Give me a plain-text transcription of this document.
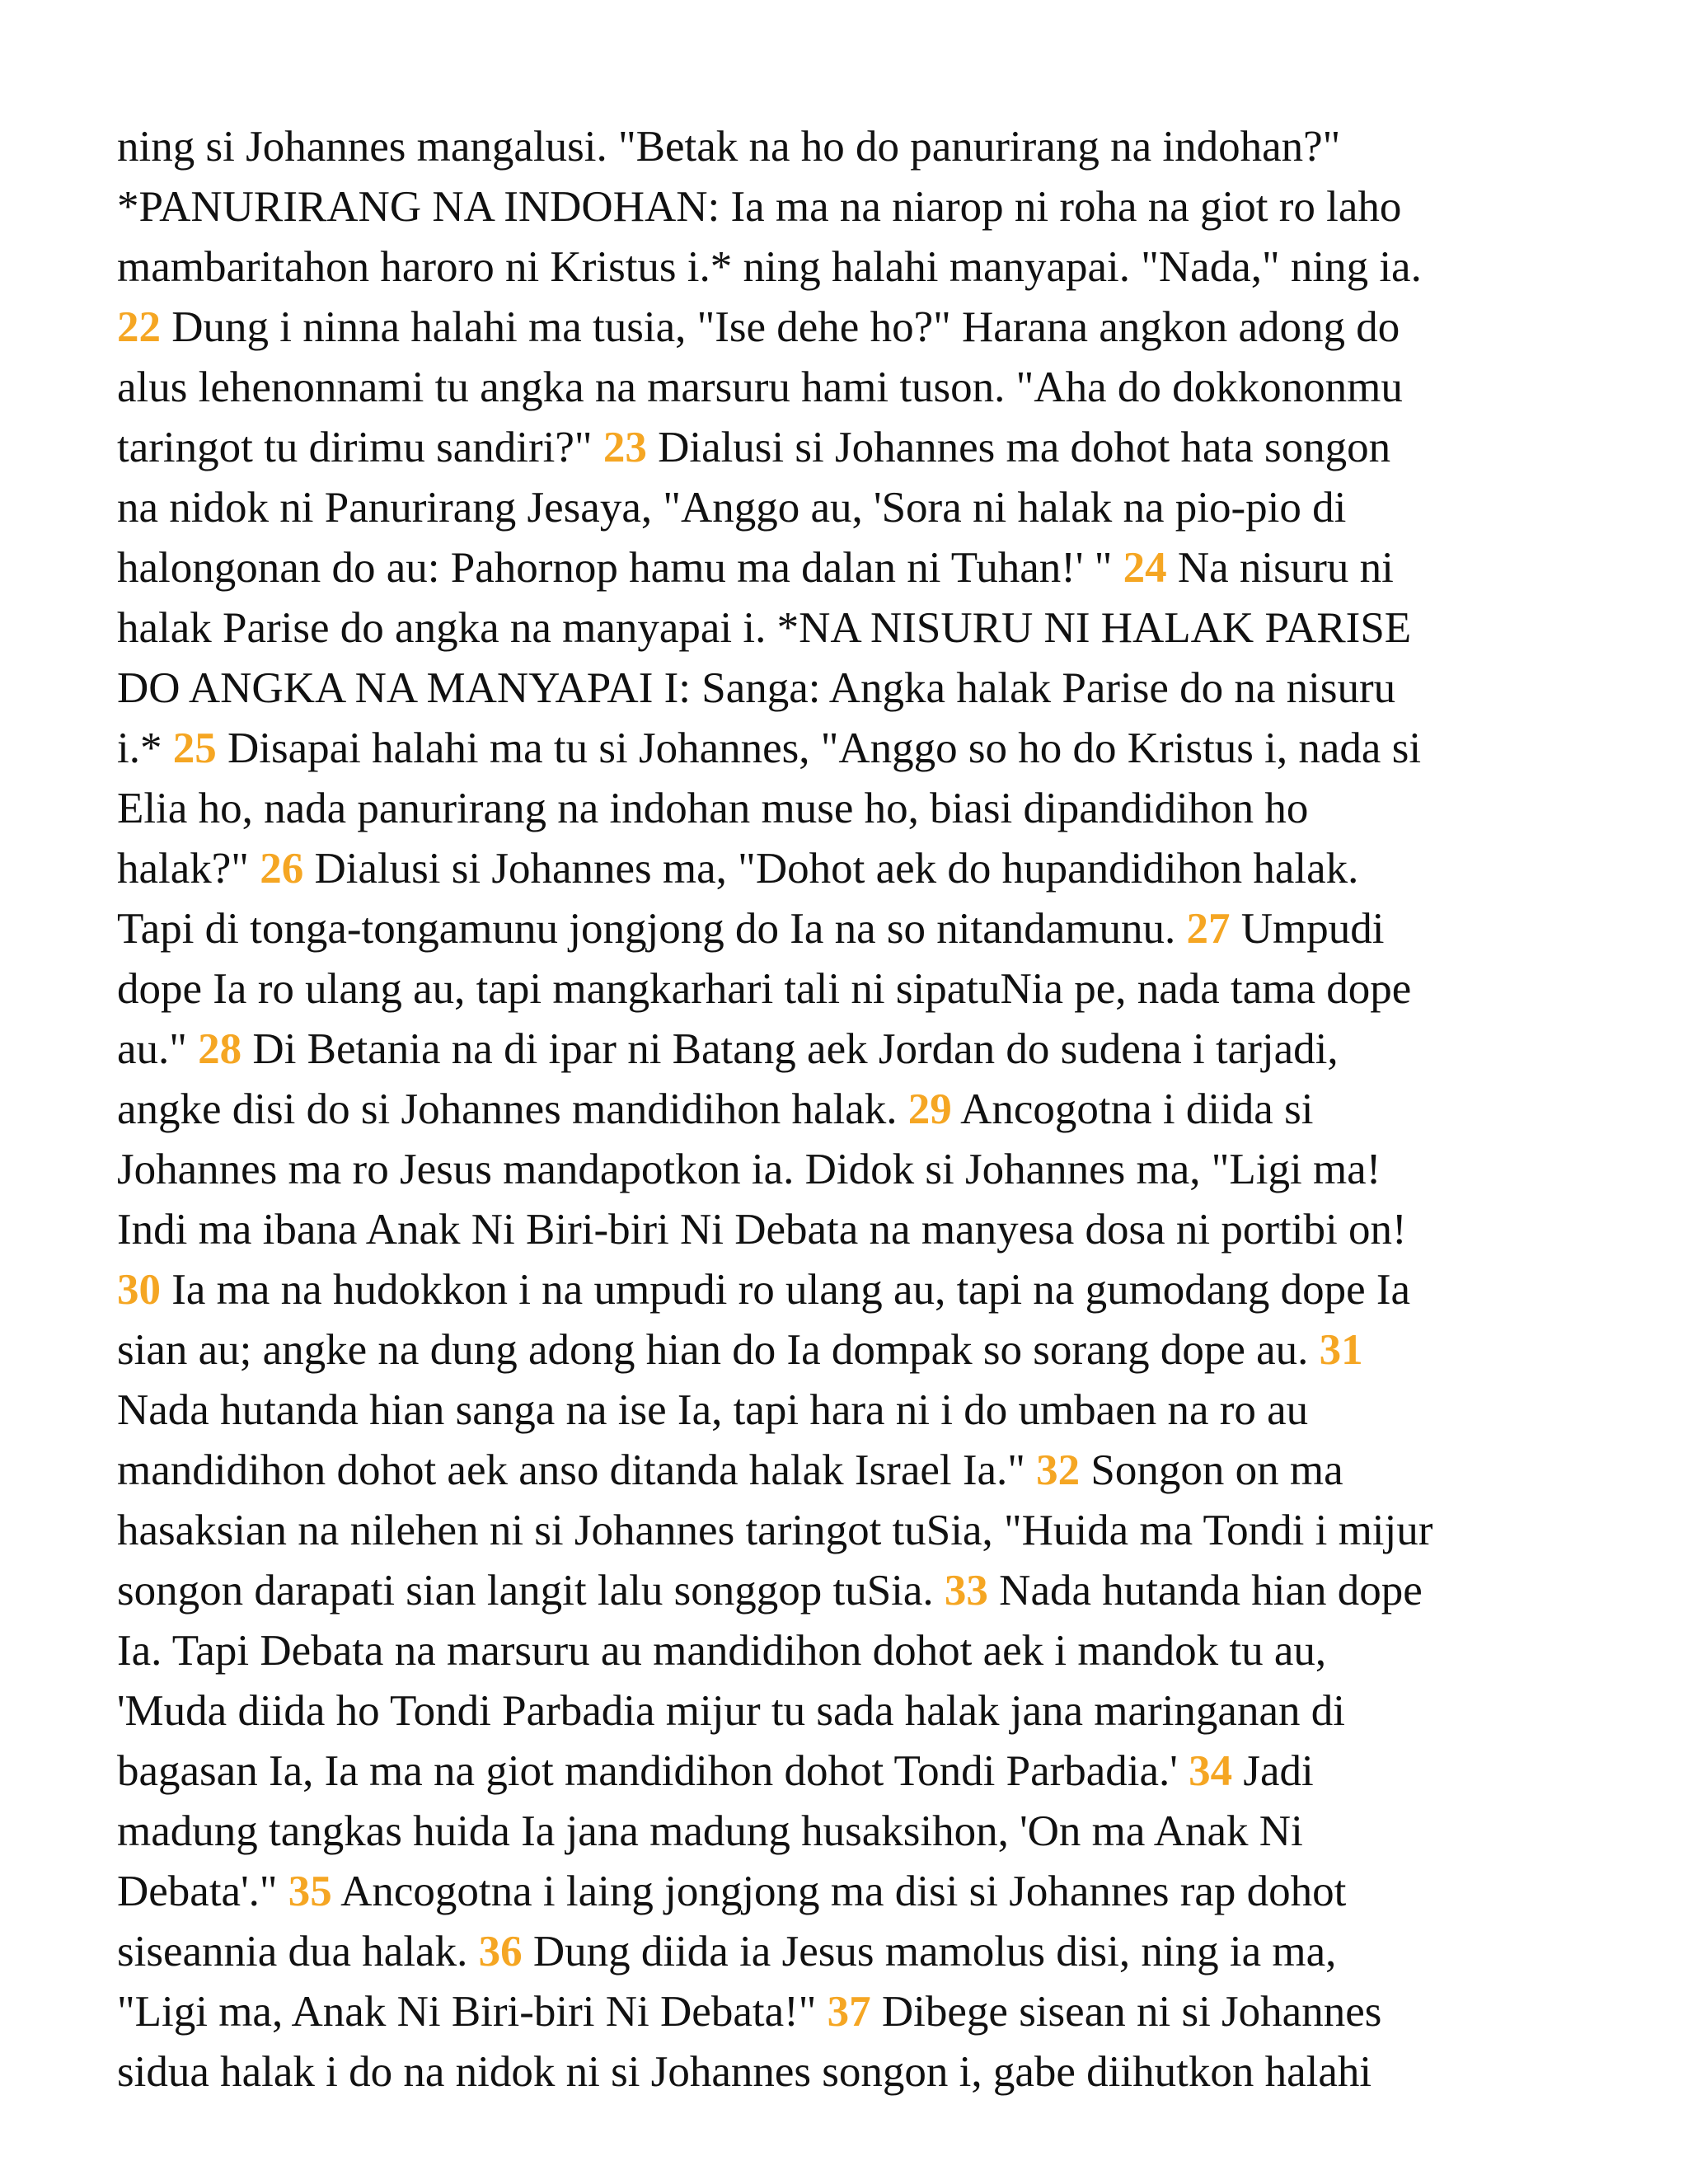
ning si Johannes mangalusi. "Betak na ho do panurirang na indohan?"
*PANURIRANG NA INDOHAN: Ia ma na niarop ni roha na giot ro laho
mambaritahon haroro ni Kristus i.* ning halahi manyapai. "Nada," ning ia.
22 Dung i ninna halahi ma tusia, "Ise dehe ho?" Harana angkon adong do
alus lehenonnami tu angka na marsuru hami tuson. "Aha do dokkononmu
taringot tu dirimu sandiri?" 23 Dialusi si Johannes ma dohot hata songon
na nidok ni Panurirang Jesaya, "Anggo au, 'Sora ni halak na pio-pio di
halongonan do au: Pahornop hamu ma dalan ni Tuhan!' " 24 Na nisuru ni
halak Parise do angka na manyapai i. *NA NISURU NI HALAK PARISE
DO ANGKA NA MANYAPAI I: Sanga: Angka halak Parise do na nisuru
i.* 25 Disapai halahi ma tu si Johannes, "Anggo so ho do Kristus i, nada si
Elia ho, nada panurirang na indohan muse ho, biasi dipandidihon ho
halak?" 26 Dialusi si Johannes ma, "Dohot aek do hupandidihon halak.
Tapi di tonga-tongamunu jongjong do Ia na so nitandamunu. 27 Umpudi
dope Ia ro ulang au, tapi mangkarhari tali ni sipatuNia pe, nada tama dope
au." 28 Di Betania na di ipar ni Batang aek Jordan do sudena i tarjadi,
angke disi do si Johannes mandidihon halak. 29 Ancogotna i diida si
Johannes ma ro Jesus mandapotkon ia. Didok si Johannes ma, "Ligi ma!
Indi ma ibana Anak Ni Biri-biri Ni Debata na manyesa dosa ni portibi on!
30 Ia ma na hudokkon i na umpudi ro ulang au, tapi na gumodang dope Ia
sian au; angke na dung adong hian do Ia dompak so sorang dope au. 31
Nada hutanda hian sanga na ise Ia, tapi hara ni i do umbaen na ro au
mandidihon dohot aek anso ditanda halak Israel Ia." 32 Songon on ma
hasaksian na nilehen ni si Johannes taringot tuSia, "Huida ma Tondi i mijur
songon darapati sian langit lalu songgop tuSia. 33 Nada hutanda hian dope
Ia. Tapi Debata na marsuru au mandidihon dohot aek i mandok tu au,
'Muda diida ho Tondi Parbadia mijur tu sada halak jana maringanan di
bagasan Ia, Ia ma na giot mandidihon dohot Tondi Parbadia.' 34 Jadi
madung tangkas huida Ia jana madung husaksihon, 'On ma Anak Ni
Debata'." 35 Ancogotna i laing jongjong ma disi si Johannes rap dohot
siseannia dua halak. 36 Dung diida ia Jesus mamolus disi, ning ia ma,
"Ligi ma, Anak Ni Biri-biri Ni Debata!" 37 Dibege sisean ni si Johannes
sidua halak i do na nidok ni si Johannes songon i, gabe diihutkon halahi
